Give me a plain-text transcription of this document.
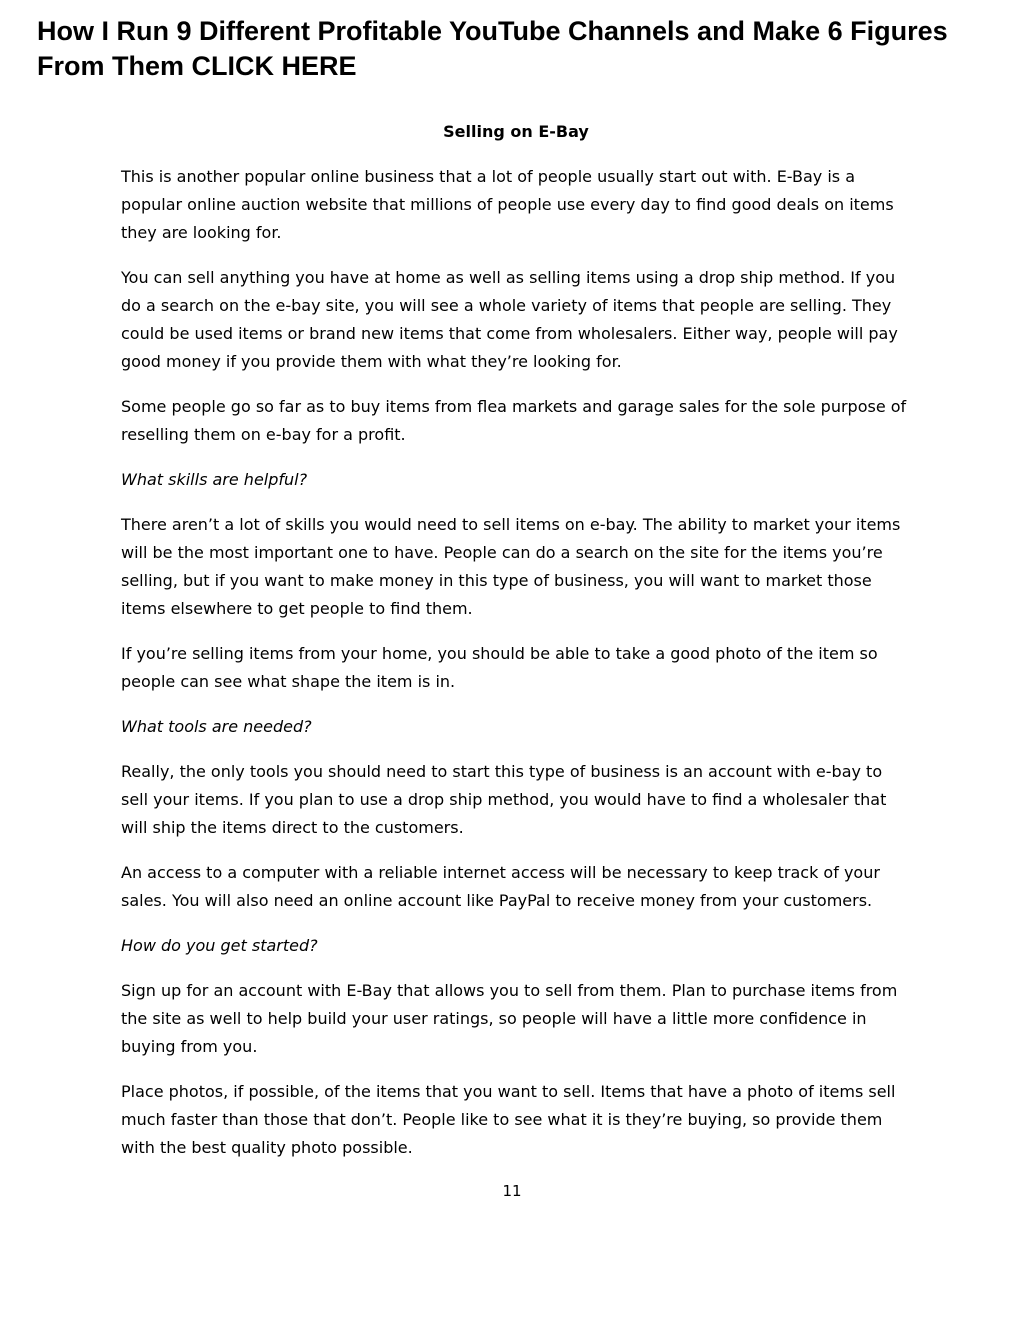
How I Run 9 Different Profitable YouTube Channels and Make 6 Figures From Them CLICK HERE
Selling on E-Bay

This is another popular online business that a lot of people usually start out with. E-Bay is a popular online auction website that millions of people use every day to find good deals on items they are looking for.

You can sell anything you have at home as well as selling items using a drop ship method. If you do a search on the e-bay site, you will see a whole variety of items that people are selling. They could be used items or brand new items that come from wholesalers. Either way, people will pay good money if you provide them with what they’re looking for.

Some people go so far as to buy items from flea markets and garage sales for the sole purpose of reselling them on e-bay for a profit.

What skills are helpful?

There aren’t a lot of skills you would need to sell items on e-bay. The ability to market your items will be the most important one to have. People can do a search on the site for the items you’re selling, but if you want to make money in this type of business, you will want to market those items elsewhere to get people to find them.

If you’re selling items from your home, you should be able to take a good photo of the item so people can see what shape the item is in.

What tools are needed?

Really, the only tools you should need to start this type of business is an account with e-bay to sell your items. If you plan to use a drop ship method, you would have to find a wholesaler that will ship the items direct to the customers.

An access to a computer with a reliable internet access will be necessary to keep track of your sales. You will also need an online account like PayPal to receive money from your customers.

How do you get started?

Sign up for an account with E-Bay that allows you to sell from them. Plan to purchase items from the site as well to help build your user ratings, so people will have a little more confidence in buying from you.

Place photos, if possible, of the items that you want to sell. Items that have a photo of items sell much faster than those that don’t. People like to see what it is they’re buying, so provide them with the best quality photo possible.

11
